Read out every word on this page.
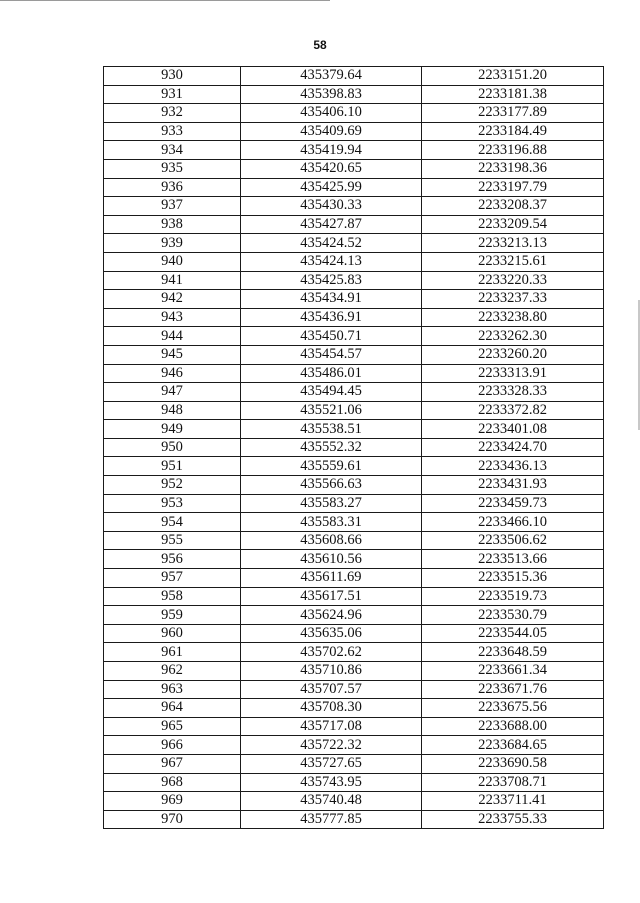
58
930	435379.64	2233151.20
931	435398.83	2233181.38
932	435406.10	2233177.89
933	435409.69	2233184.49
934	435419.94	2233196.88
935	435420.65	2233198.36
936	435425.99	2233197.79
937	435430.33	2233208.37
938	435427.87	2233209.54
939	435424.52	2233213.13
940	435424.13	2233215.61
941	435425.83	2233220.33
942	435434.91	2233237.33
943	435436.91	2233238.80
944	435450.71	2233262.30
945	435454.57	2233260.20
946	435486.01	2233313.91
947	435494.45	2233328.33
948	435521.06	2233372.82
949	435538.51	2233401.08
950	435552.32	2233424.70
951	435559.61	2233436.13
952	435566.63	2233431.93
953	435583.27	2233459.73
954	435583.31	2233466.10
955	435608.66	2233506.62
956	435610.56	2233513.66
957	435611.69	2233515.36
958	435617.51	2233519.73
959	435624.96	2233530.79
960	435635.06	2233544.05
961	435702.62	2233648.59
962	435710.86	2233661.34
963	435707.57	2233671.76
964	435708.30	2233675.56
965	435717.08	2233688.00
966	435722.32	2233684.65
967	435727.65	2233690.58
968	435743.95	2233708.71
969	435740.48	2233711.41
970	435777.85	2233755.33
